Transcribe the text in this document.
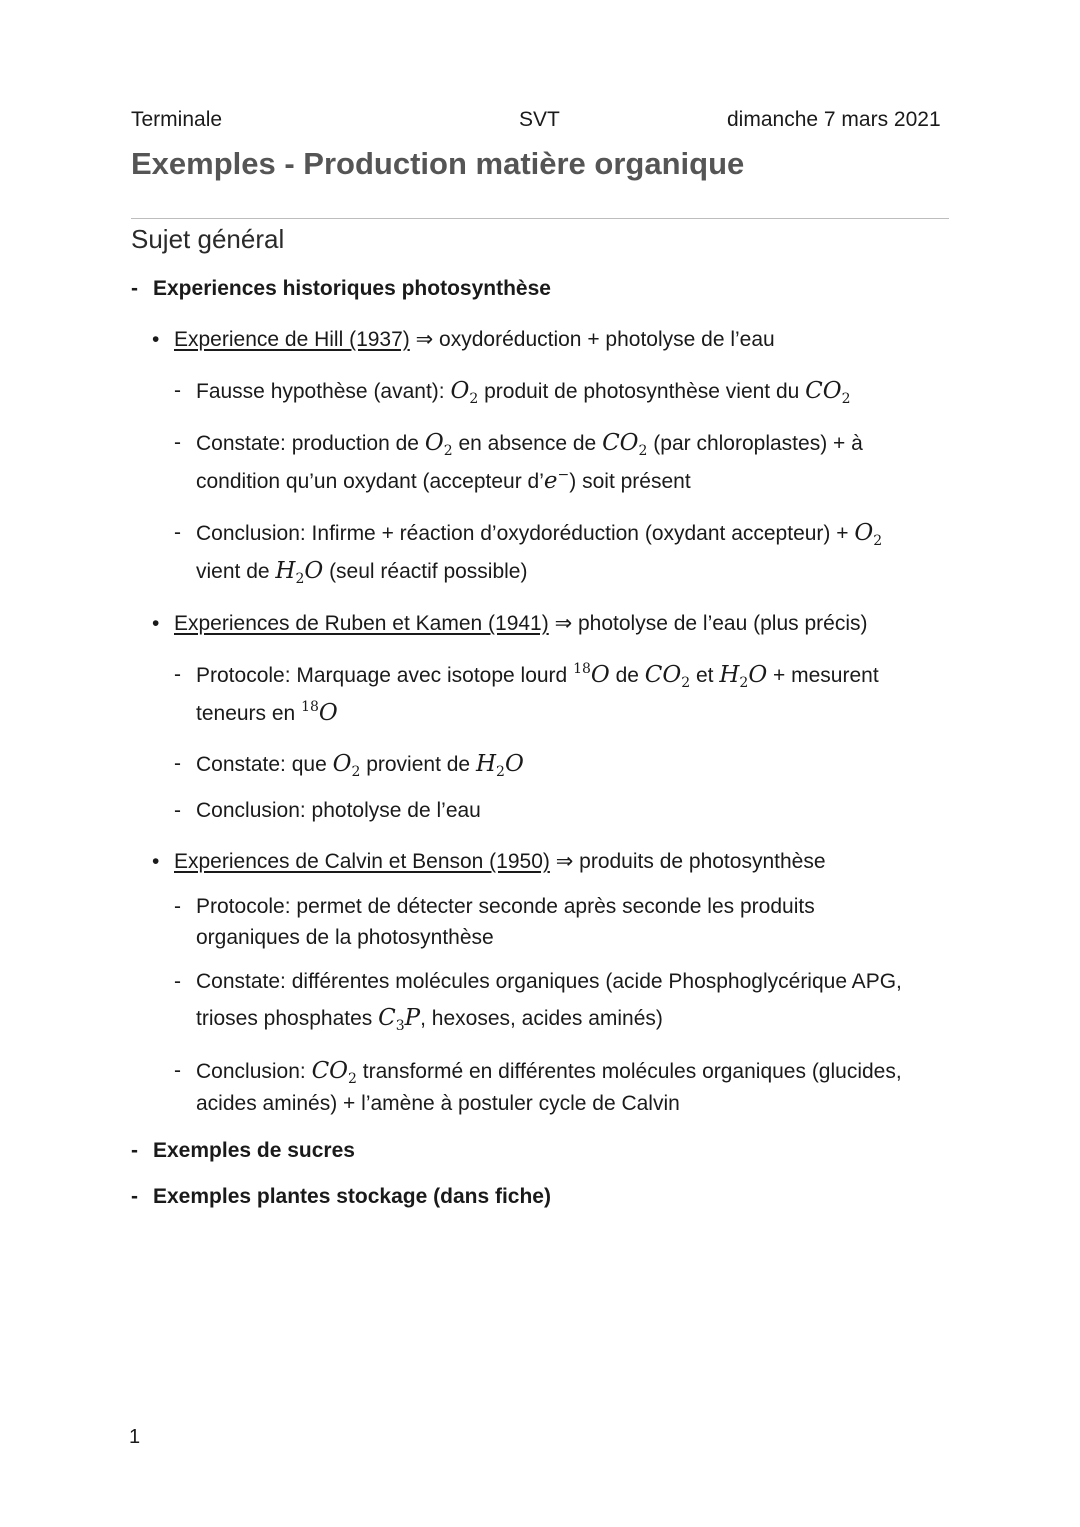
Terminale	SVT	dimanche 7 mars 2021
Exemples - Production matière organique
Sujet général
- Experiences historiques photosynthèse
• Experience de Hill (1937) ⇒ oxydoréduction + photolyse de l’eau
- Fausse hypothèse (avant): $O_2$ produit de photosynthèse vient du $CO_2$
- Constate: production de $O_2$ en absence de $CO_2$ (par chloroplastes) + à
condition qu’un oxydant (accepteur d’e−) soit présent
- Conclusion: Infirme + réaction d’oxydoréduction (oxydant accepteur) + $O_2$
vient de $H_2O$ (seul réactif possible)
• Experiences de Ruben et Kamen (1941) ⇒ photolyse de l’eau (plus précis)
- Protocole: Marquage avec isotope lourd $^{18}$O de $CO_2$ et $H_2O$ + mesurent
teneurs en $^{18}$O
- Constate: que $O_2$ provient de $H_2O$
- Conclusion: photolyse de l’eau
• Experiences de Calvin et Benson (1950) ⇒ produits de photosynthèse
- Protocole: permet de détecter seconde après seconde les produits
organiques de la photosynthèse
- Constate: différentes molécules organiques (acide Phosphoglycérique APG,
trioses phosphates $C_3P$, hexoses, acides aminés)
- Conclusion: $CO_2$ transformé en différentes molécules organiques (glucides,
acides aminés) + l’amène à postuler cycle de Calvin
- Exemples de sucres
- Exemples plantes stockage (dans fiche)
1
